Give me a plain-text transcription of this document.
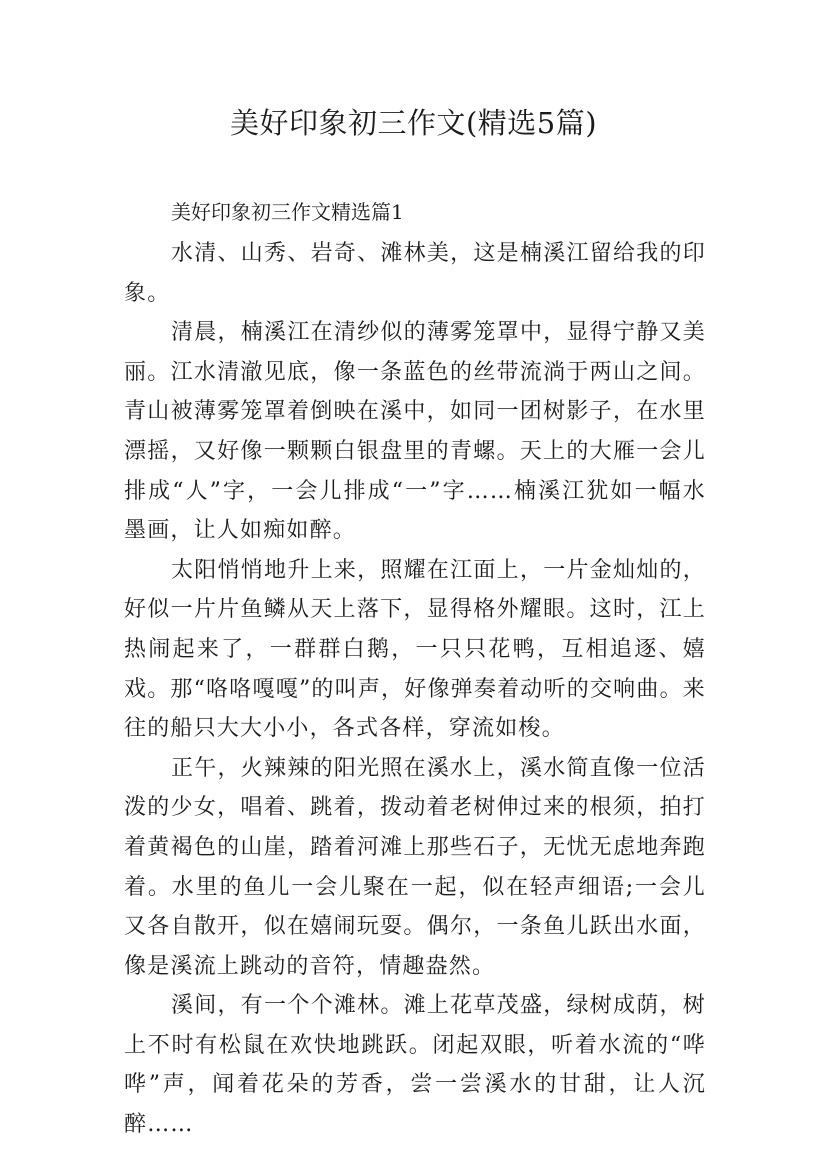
美好印象初三作文(精选5篇)

美好印象初三作文精选篇1

水清、山秀、岩奇、滩林美，这是楠溪江留给我的印象。

清晨，楠溪江在清纱似的薄雾笼罩中，显得宁静又美丽。江水清澈见底，像一条蓝色的丝带流淌于两山之间。青山被薄雾笼罩着倒映在溪中，如同一团树影子，在水里漂摇，又好像一颗颗白银盘里的青螺。天上的大雁一会儿排成“人”字，一会儿排成“一”字……楠溪江犹如一幅水墨画，让人如痴如醉。

太阳悄悄地升上来，照耀在江面上，一片金灿灿的，好似一片片鱼鳞从天上落下，显得格外耀眼。这时，江上热闹起来了，一群群白鹅，一只只花鸭，互相追逐、嬉戏。那“咯咯嘎嘎”的叫声，好像弹奏着动听的交响曲。来往的船只大大小小，各式各样，穿流如梭。

正午，火辣辣的阳光照在溪水上，溪水简直像一位活泼的少女，唱着、跳着，拨动着老树伸过来的根须，拍打着黄褐色的山崖，踏着河滩上那些石子，无忧无虑地奔跑着。水里的鱼儿一会儿聚在一起，似在轻声细语;一会儿又各自散开，似在嬉闹玩耍。偶尔，一条鱼儿跃出水面，像是溪流上跳动的音符，情趣盎然。

溪间，有一个个滩林。滩上花草茂盛，绿树成荫，树上不时有松鼠在欢快地跳跃。闭起双眼，听着水流的“哗哗”声，闻着花朵的芳香，尝一尝溪水的甘甜，让人沉醉……
